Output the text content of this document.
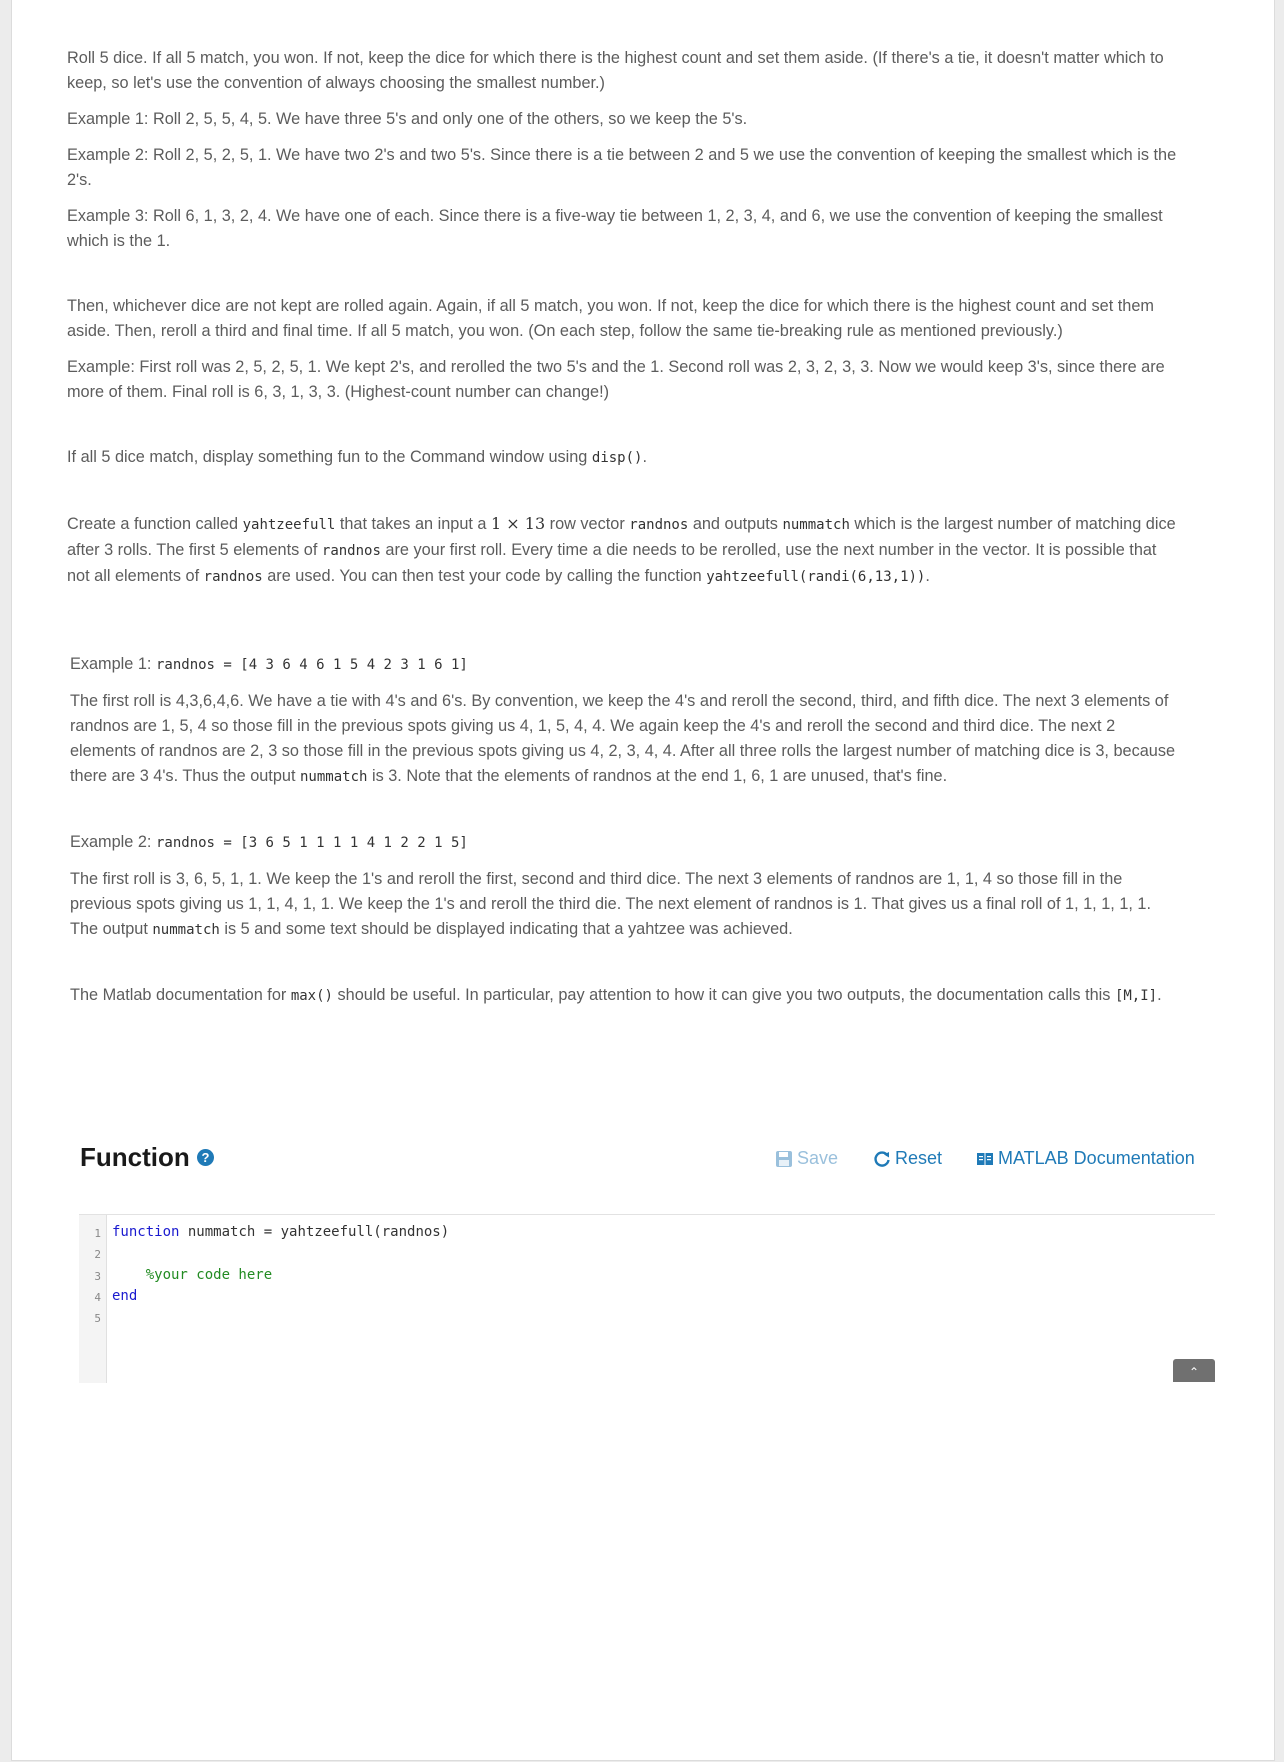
Roll 5 dice. If all 5 match, you won. If not, keep the dice for which there is the highest count and set them aside. (If there's a tie, it doesn't matter which to keep, so let's use the convention of always choosing the smallest number.)

Example 1: Roll 2, 5, 5, 4, 5. We have three 5's and only one of the others, so we keep the 5's.

Example 2: Roll 2, 5, 2, 5, 1. We have two 2's and two 5's. Since there is a tie between 2 and 5 we use the convention of keeping the smallest which is the 2's.

Example 3: Roll 6, 1, 3, 2, 4. We have one of each. Since there is a five-way tie between 1, 2, 3, 4, and 6, we use the convention of keeping the smallest which is the 1.

Then, whichever dice are not kept are rolled again. Again, if all 5 match, you won. If not, keep the dice for which there is the highest count and set them aside. Then, reroll a third and final time. If all 5 match, you won. (On each step, follow the same tie-breaking rule as mentioned previously.)

Example: First roll was 2, 5, 2, 5, 1. We kept 2's, and rerolled the two 5's and the 1. Second roll was 2, 3, 2, 3, 3. Now we would keep 3's, since there are more of them. Final roll is 6, 3, 1, 3, 3. (Highest-count number can change!)

If all 5 dice match, display something fun to the Command window using disp().

Create a function called yahtzeefull that takes an input a 1 × 13 row vector randnos and outputs nummatch which is the largest number of matching dice after 3 rolls. The first 5 elements of randnos are your first roll. Every time a die needs to be rerolled, use the next number in the vector. It is possible that not all elements of randnos are used. You can then test your code by calling the function yahtzeefull(randi(6,13,1)).

Example 1: randnos = [4 3 6 4 6 1 5 4 2 3 1 6 1]

The first roll is 4,3,6,4,6. We have a tie with 4's and 6's. By convention, we keep the 4's and reroll the second, third, and fifth dice. The next 3 elements of randnos are 1, 5, 4 so those fill in the previous spots giving us 4, 1, 5, 4, 4. We again keep the 4's and reroll the second and third dice. The next 2 elements of randnos are 2, 3 so those fill in the previous spots giving us 4, 2, 3, 4, 4. After all three rolls the largest number of matching dice is 3, because there are 3 4's. Thus the output nummatch is 3. Note that the elements of randnos at the end 1, 6, 1 are unused, that's fine.

Example 2: randnos = [3 6 5 1 1 1 1 4 1 2 2 1 5]

The first roll is 3, 6, 5, 1, 1. We keep the 1's and reroll the first, second and third dice. The next 3 elements of randnos are 1, 1, 4 so those fill in the previous spots giving us 1, 1, 4, 1, 1. We keep the 1's and reroll the third die. The next element of randnos is 1. That gives us a final roll of 1, 1, 1, 1, 1. The output nummatch is 5 and some text should be displayed indicating that a yahtzee was achieved.

The Matlab documentation for max() should be useful. In particular, pay attention to how it can give you two outputs, the documentation calls this [M,I].

Function ?	Save	Reset	MATLAB Documentation
1
2
3
4
5
function nummatch = yahtzeefull(randnos)
%your code here
end
⌃
